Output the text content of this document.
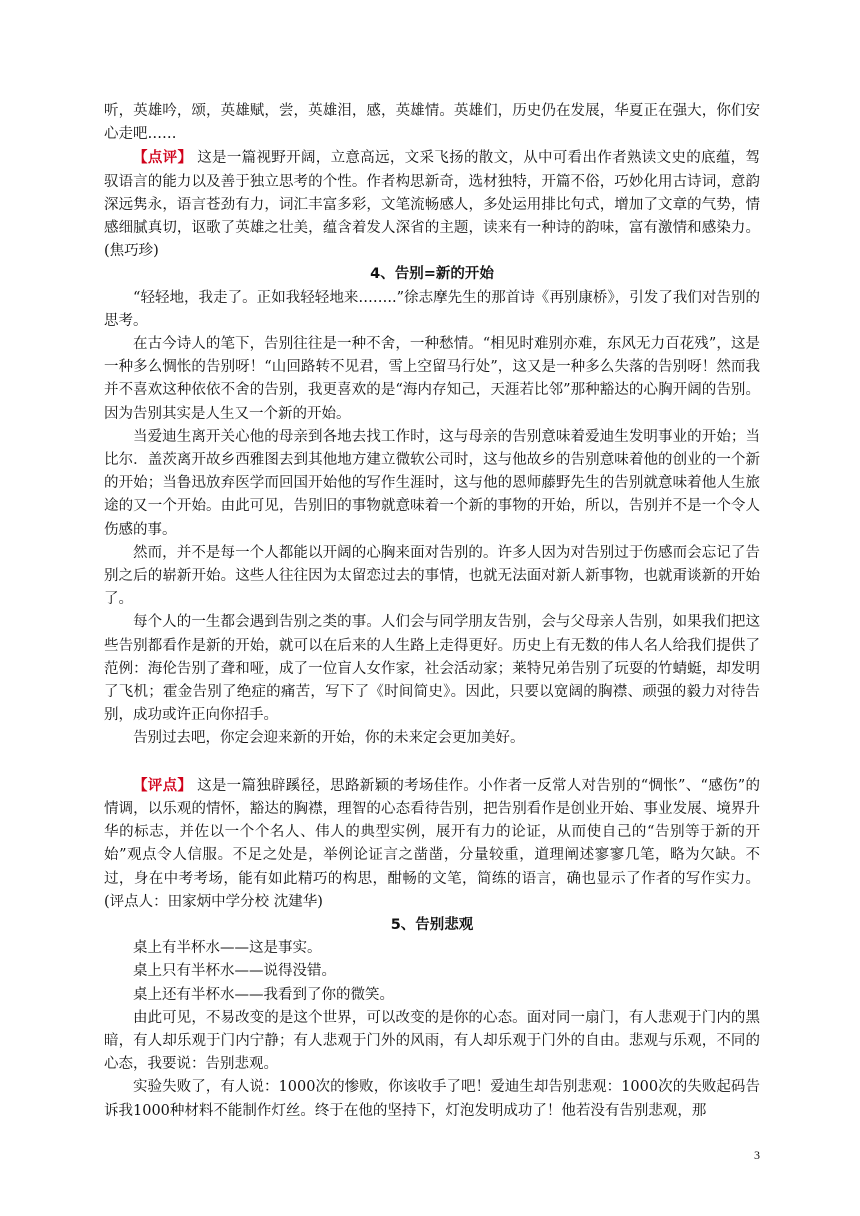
听，英雄吟，颂，英雄赋，尝，英雄泪，感，英雄情。英雄们，历史仍在发展，华夏正在强大，你们安心走吧……

【点评】 这是一篇视野开阔，立意高远，文采飞扬的散文，从中可看出作者熟读文史的底蕴，驾驭语言的能力以及善于独立思考的个性。作者构思新奇，选材独特，开篇不俗，巧妙化用古诗词，意韵深远隽永，语言苍劲有力，词汇丰富多彩，文笔流畅感人，多处运用排比句式，增加了文章的气势，情感细腻真切，讴歌了英雄之壮美，蕴含着发人深省的主题，读来有一种诗的韵味，富有激情和感染力。 (焦巧珍)

4、告别=新的开始

“轻轻地，我走了。正如我轻轻地来……..”徐志摩先生的那首诗《再别康桥》，引发了我们对告别的思考。

在古今诗人的笔下，告别往往是一种不舍，一种愁情。“相见时难别亦难，东风无力百花残”，这是一种多么惆怅的告别呀！“山回路转不见君，雪上空留马行处”，这又是一种多么失落的告别呀！然而我并不喜欢这种依依不舍的告别，我更喜欢的是“海内存知己，天涯若比邻”那种豁达的心胸开阔的告别。因为告别其实是人生又一个新的开始。

当爱迪生离开关心他的母亲到各地去找工作时，这与母亲的告别意味着爱迪生发明事业的开始；当比尔．盖茨离开故乡西雅图去到其他地方建立微软公司时，这与他故乡的告别意味着他的创业的一个新的开始；当鲁迅放弃医学而回国开始他的写作生涯时，这与他的恩师藤野先生的告别就意味着他人生旅途的又一个开始。由此可见，告别旧的事物就意味着一个新的事物的开始，所以，告别并不是一个令人伤感的事。

然而，并不是每一个人都能以开阔的心胸来面对告别的。许多人因为对告别过于伤感而会忘记了告别之后的崭新开始。这些人往往因为太留恋过去的事情，也就无法面对新人新事物，也就甭谈新的开始了。

每个人的一生都会遇到告别之类的事。人们会与同学朋友告别，会与父母亲人告别，如果我们把这些告别都看作是新的开始，就可以在后来的人生路上走得更好。历史上有无数的伟人名人给我们提供了范例：海伦告别了聋和哑，成了一位盲人女作家，社会活动家；莱特兄弟告别了玩耍的竹蜻蜓，却发明了飞机；霍金告别了绝症的痛苦，写下了《时间简史》。因此，只要以宽阔的胸襟、顽强的毅力对待告别，成功或许正向你招手。

告别过去吧，你定会迎来新的开始，你的未来定会更加美好。

【评点】 这是一篇独辟蹊径，思路新颖的考场佳作。小作者一反常人对告别的“惆怅”、“感伤”的情调，以乐观的情怀，豁达的胸襟，理智的心态看待告别，把告别看作是创业开始、事业发展、境界升华的标志，并佐以一个个名人、伟人的典型实例，展开有力的论证，从而使自己的“告别等于新的开始”观点令人信服。不足之处是，举例论证言之凿凿，分量较重，道理阐述寥寥几笔，略为欠缺。不过，身在中考考场，能有如此精巧的构思，酣畅的文笔，简练的语言，确也显示了作者的写作实力。(评点人：田家炳中学分校 沈建华)

5、告别悲观

桌上有半杯水——这是事实。

桌上只有半杯水——说得没错。

桌上还有半杯水——我看到了你的微笑。

由此可见，不易改变的是这个世界，可以改变的是你的心态。面对同一扇门，有人悲观于门内的黑暗，有人却乐观于门内宁静；有人悲观于门外的风雨，有人却乐观于门外的自由。悲观与乐观，不同的心态，我要说：告别悲观。

实验失败了，有人说：1000次的惨败，你该收手了吧！爱迪生却告别悲观：1000次的失败起码告诉我1000种材料不能制作灯丝。终于在他的坚持下，灯泡发明成功了！他若没有告别悲观，那

3
